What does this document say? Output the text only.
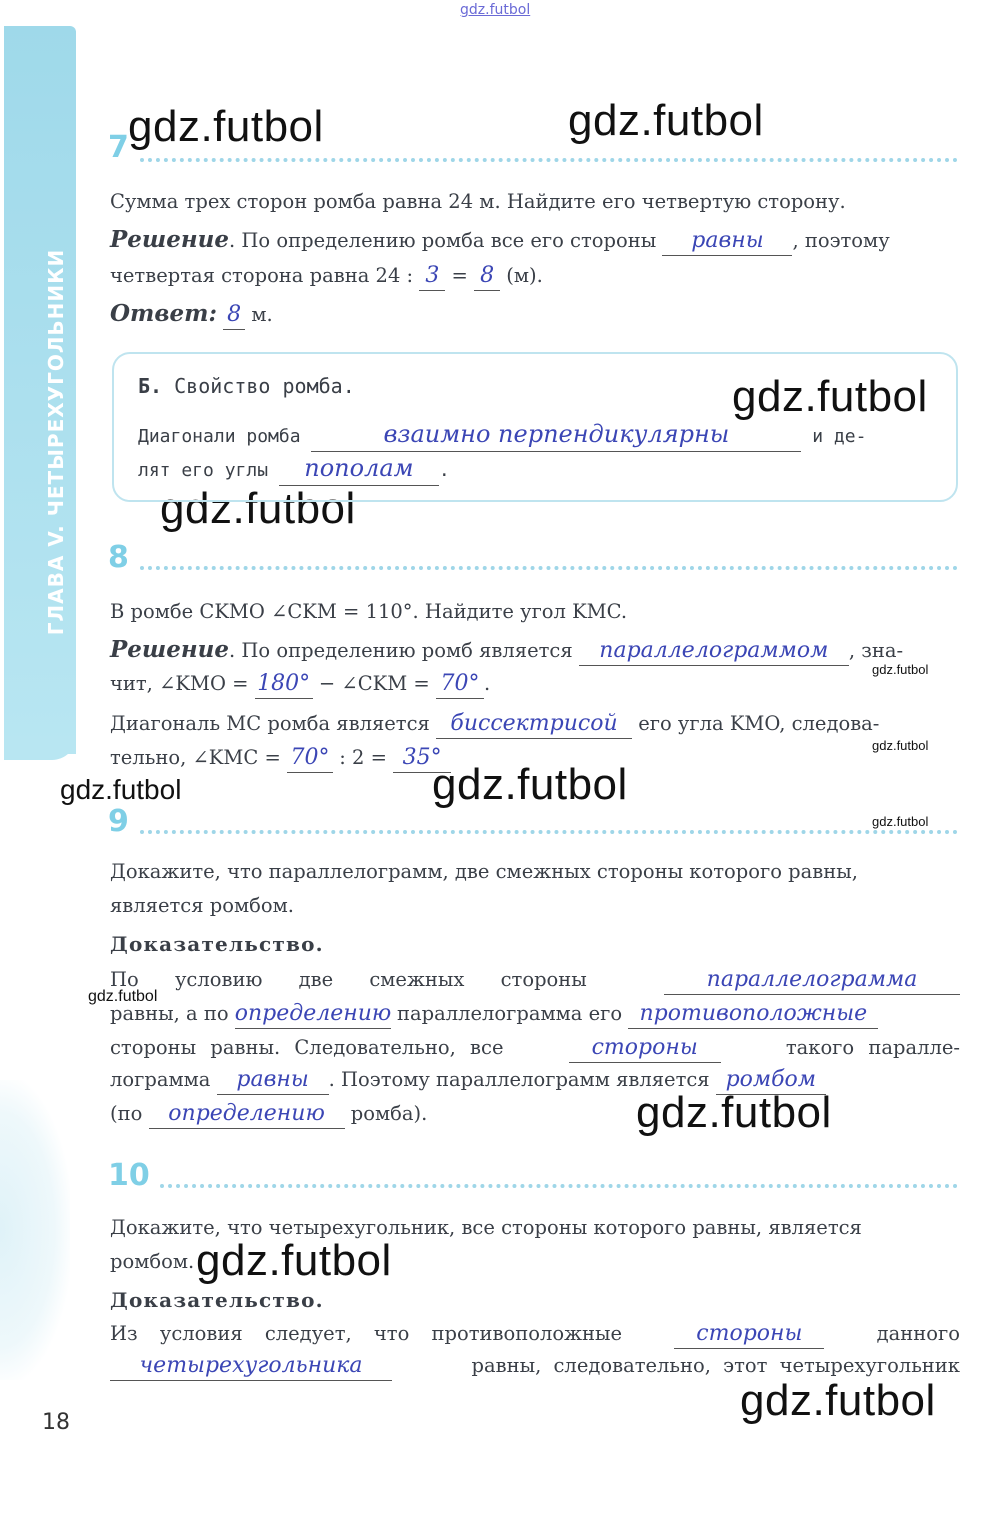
ГЛАВА V. ЧЕТЫРЕХУГОЛЬНИКИ
gdz.futbol
gdz.futbol	gdz.futbol
gdz.futbol
gdz.futbol
gdz.futbol	gdz.futbol
gdz.futbol
gdz.futbol
gdz.futbol
gdz.futbol
gdz.futbol
gdz.futbol
gdz.futbol
7
Сумма трех сторон ромба равна 24 м. Найдите его четвертую сторону.
Решение. По определению ромба все его стороны равны , поэтому
четвертая сторона равна 24 : 3 = 8 (м).
Ответ: 8 м.
Б. Свойство ромба.
Диагонали ромба	взаимно перпендикулярны	и де-
лят его углы пополам .
8
В ромбе CKMO ∠CKM = 110°. Найдите угол KMC.
Решение. По определению ромб является параллелограммом , зна-
чит, ∠KMO = 180° − ∠CKM = 70° .
Диагональ MC ромба является биссектрисой его угла KMO, следова-
тельно, ∠KMC = 70° : 2 = 35°
9
Докажите, что параллелограмм, две смежных стороны которого равны,
является ромбом.
Доказательство.
По условию две смежных стороны	параллелограмма
равны, а по определению параллелограмма его противоположные
стороны равны. Следовательно, все	стороны	такого паралле-
лограмма равны . Поэтому параллелограмм является ромбом
(по определению ромба).
10
Докажите, что четырехугольник, все стороны которого равны, является
ромбом.
Доказательство.
Из условия следует, что противоположные	стороны	данного
четырехугольника	равны, следовательно, этот четырехугольник
18
